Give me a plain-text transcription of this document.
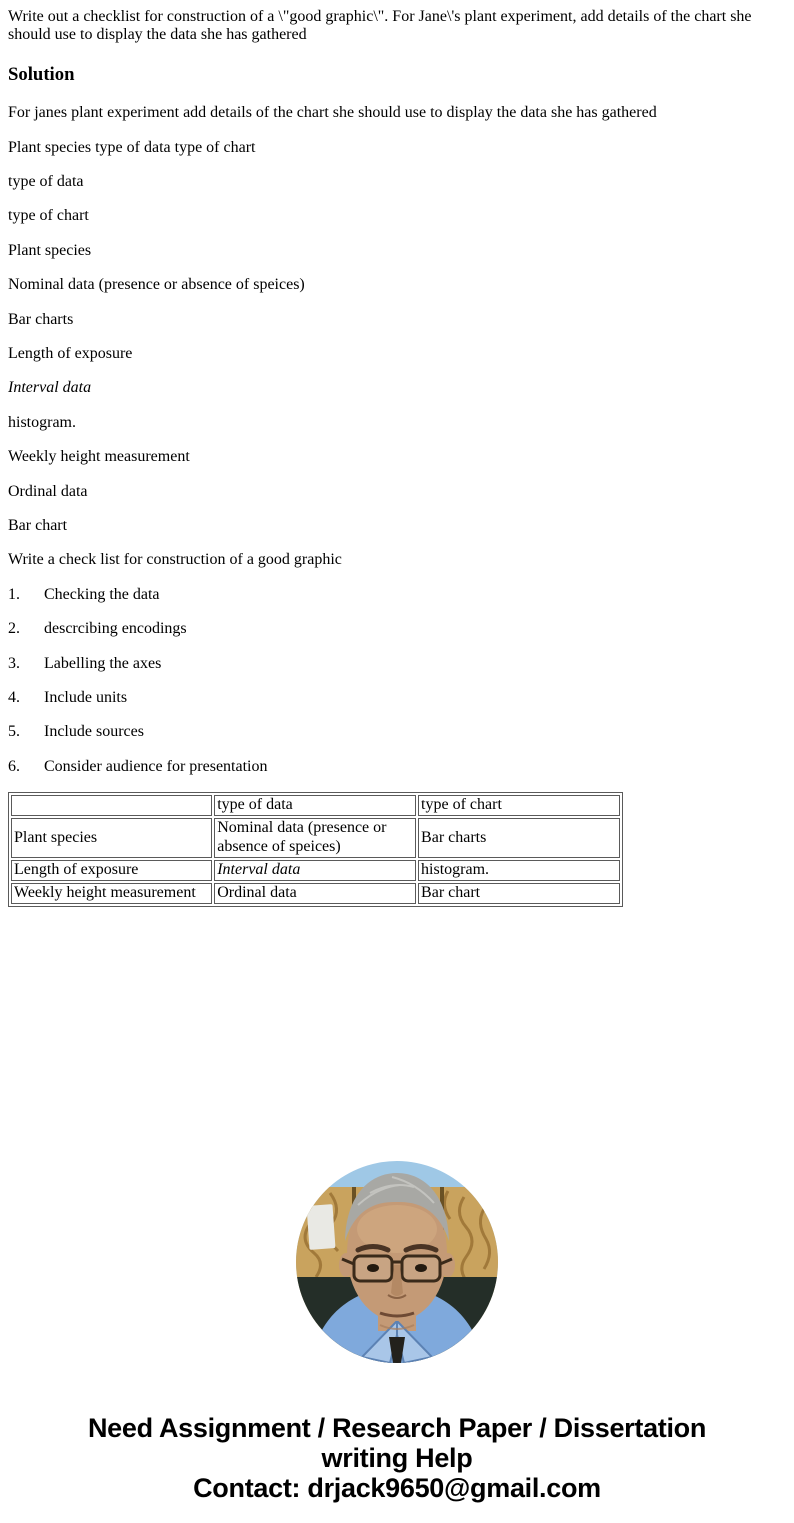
Write out a checklist for construction of a \"good graphic\". For Jane\'s plant experiment, add details of the chart she should use to display the data she has gathered

Solution

For janes plant experiment add details of the chart she should use to display the data she has gathered

Plant species type of data type of chart

type of data

type of chart

Plant species

Nominal data (presence or absence of speices)

Bar charts

Length of exposure

Interval data

histogram.

Weekly height measurement

Ordinal data

Bar chart

Write a check list for construction of a good graphic

1. Checking the data

2. descrcibing encodings

3. Labelling the axes

4. Include units

5. Include sources

6. Consider audience for presentation

	type of data	type of chart
Plant species	Nominal data (presence or absence of speices)	Bar charts
Length of exposure	Interval data	histogram.
Weekly height measurement	Ordinal data	Bar chart
Need Assignment / Research Paper / Dissertation
writing Help
Contact: drjack9650@gmail.com
